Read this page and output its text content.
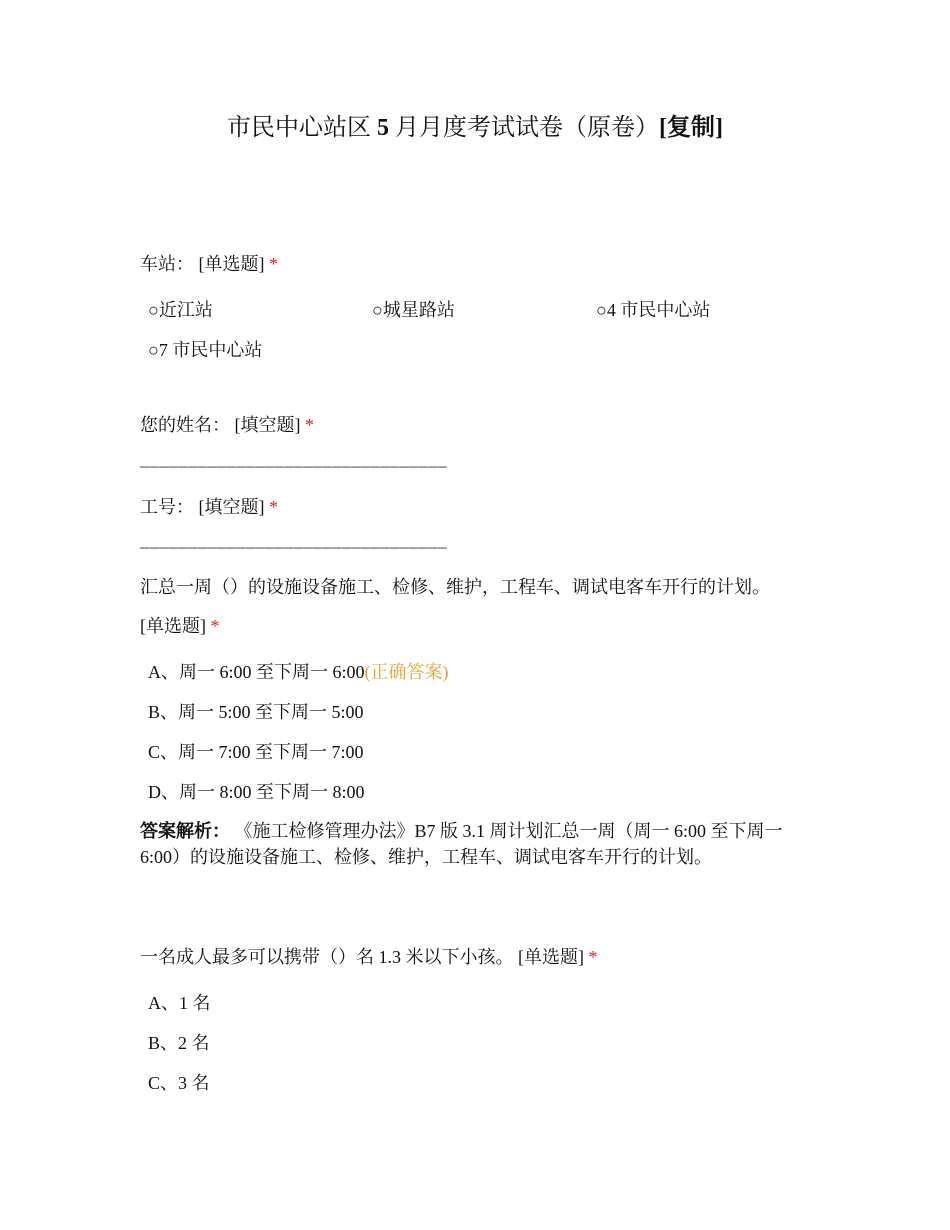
市民中心站区 5 月月度考试试卷（原卷）[复制]
车站： [单选题] *
○近江站	○城星路站	○4 市民中心站
○7 市民中心站
您的姓名： [填空题] *
________________________________
工号： [填空题] *
________________________________
汇总一周（）的设施设备施工、检修、维护，工程车、调试电客车开行的计划。
[单选题] *
A、周一 6:00 至下周一 6:00(正确答案)
B、周一 5:00 至下周一 5:00
C、周一 7:00 至下周一 7:00
D、周一 8:00 至下周一 8:00
答案解析： 《施工检修管理办法》B7 版 3.1 周计划汇总一周（周一 6:00 至下周一
6:00）的设施设备施工、检修、维护，工程车、调试电客车开行的计划。
一名成人最多可以携带（）名 1.3 米以下小孩。 [单选题] *
A、1 名
B、2 名
C、3 名
